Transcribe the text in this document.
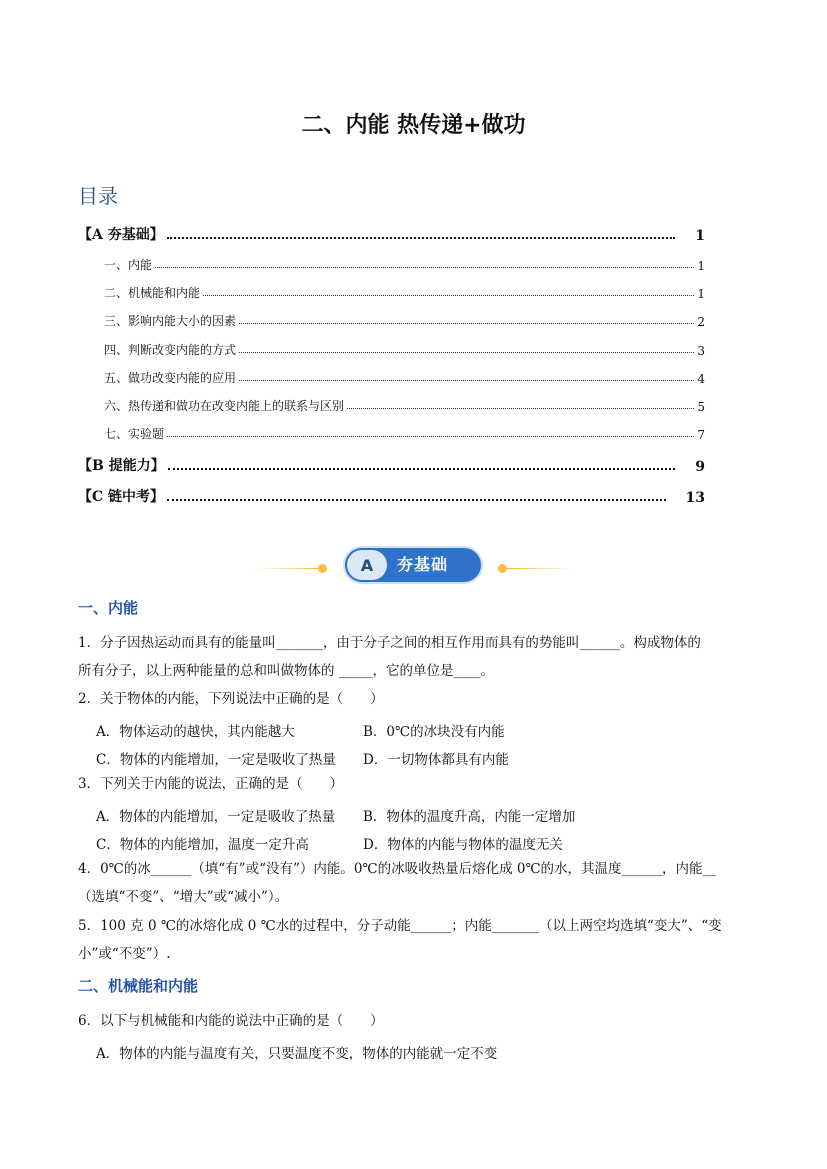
二、内能 热传递+做功
目录
【A 夯基础】	1
一、内能	1
二、机械能和内能	1
三、影响内能大小的因素	2
四、判断改变内能的方式	3
五、做功改变内能的应用	4
六、热传递和做功在改变内能上的联系与区别	5
七、实验题	7
【B 提能力】	9
【C 链中考】	13
A	夯基础
一、内能
1．分子因热运动而具有的能量叫_______，由于分子之间的相互作用而具有的势能叫______。构成物体的
所有分子，以上两种能量的总和叫做物体的 _____，它的单位是____。
2．关于物体的内能，下列说法中正确的是（　　）
A．物体运动的越快，其内能越大	B．0℃的冰块没有内能
C．物体的内能增加，一定是吸收了热量 D．一切物体都具有内能
3．下列关于内能的说法，正确的是（　　）
A．物体的内能增加，一定是吸收了热量 B．物体的温度升高，内能一定增加
C．物体的内能增加，温度一定升高	D．物体的内能与物体的温度无关
4．0℃的冰______（填“有”或“没有”）内能。0℃的冰吸收热量后熔化成 0℃的水，其温度______，内能__
（选填“不变”、“增大”或“减小”）。
5．100 克 0 ℃的冰熔化成 0 ℃水的过程中，分子动能______；内能_______（以上两空均选填“变大”、“变
小”或“不变”）.
二、机械能和内能
6．以下与机械能和内能的说法中正确的是（　　）
A．物体的内能与温度有关，只要温度不变，物体的内能就一定不变
